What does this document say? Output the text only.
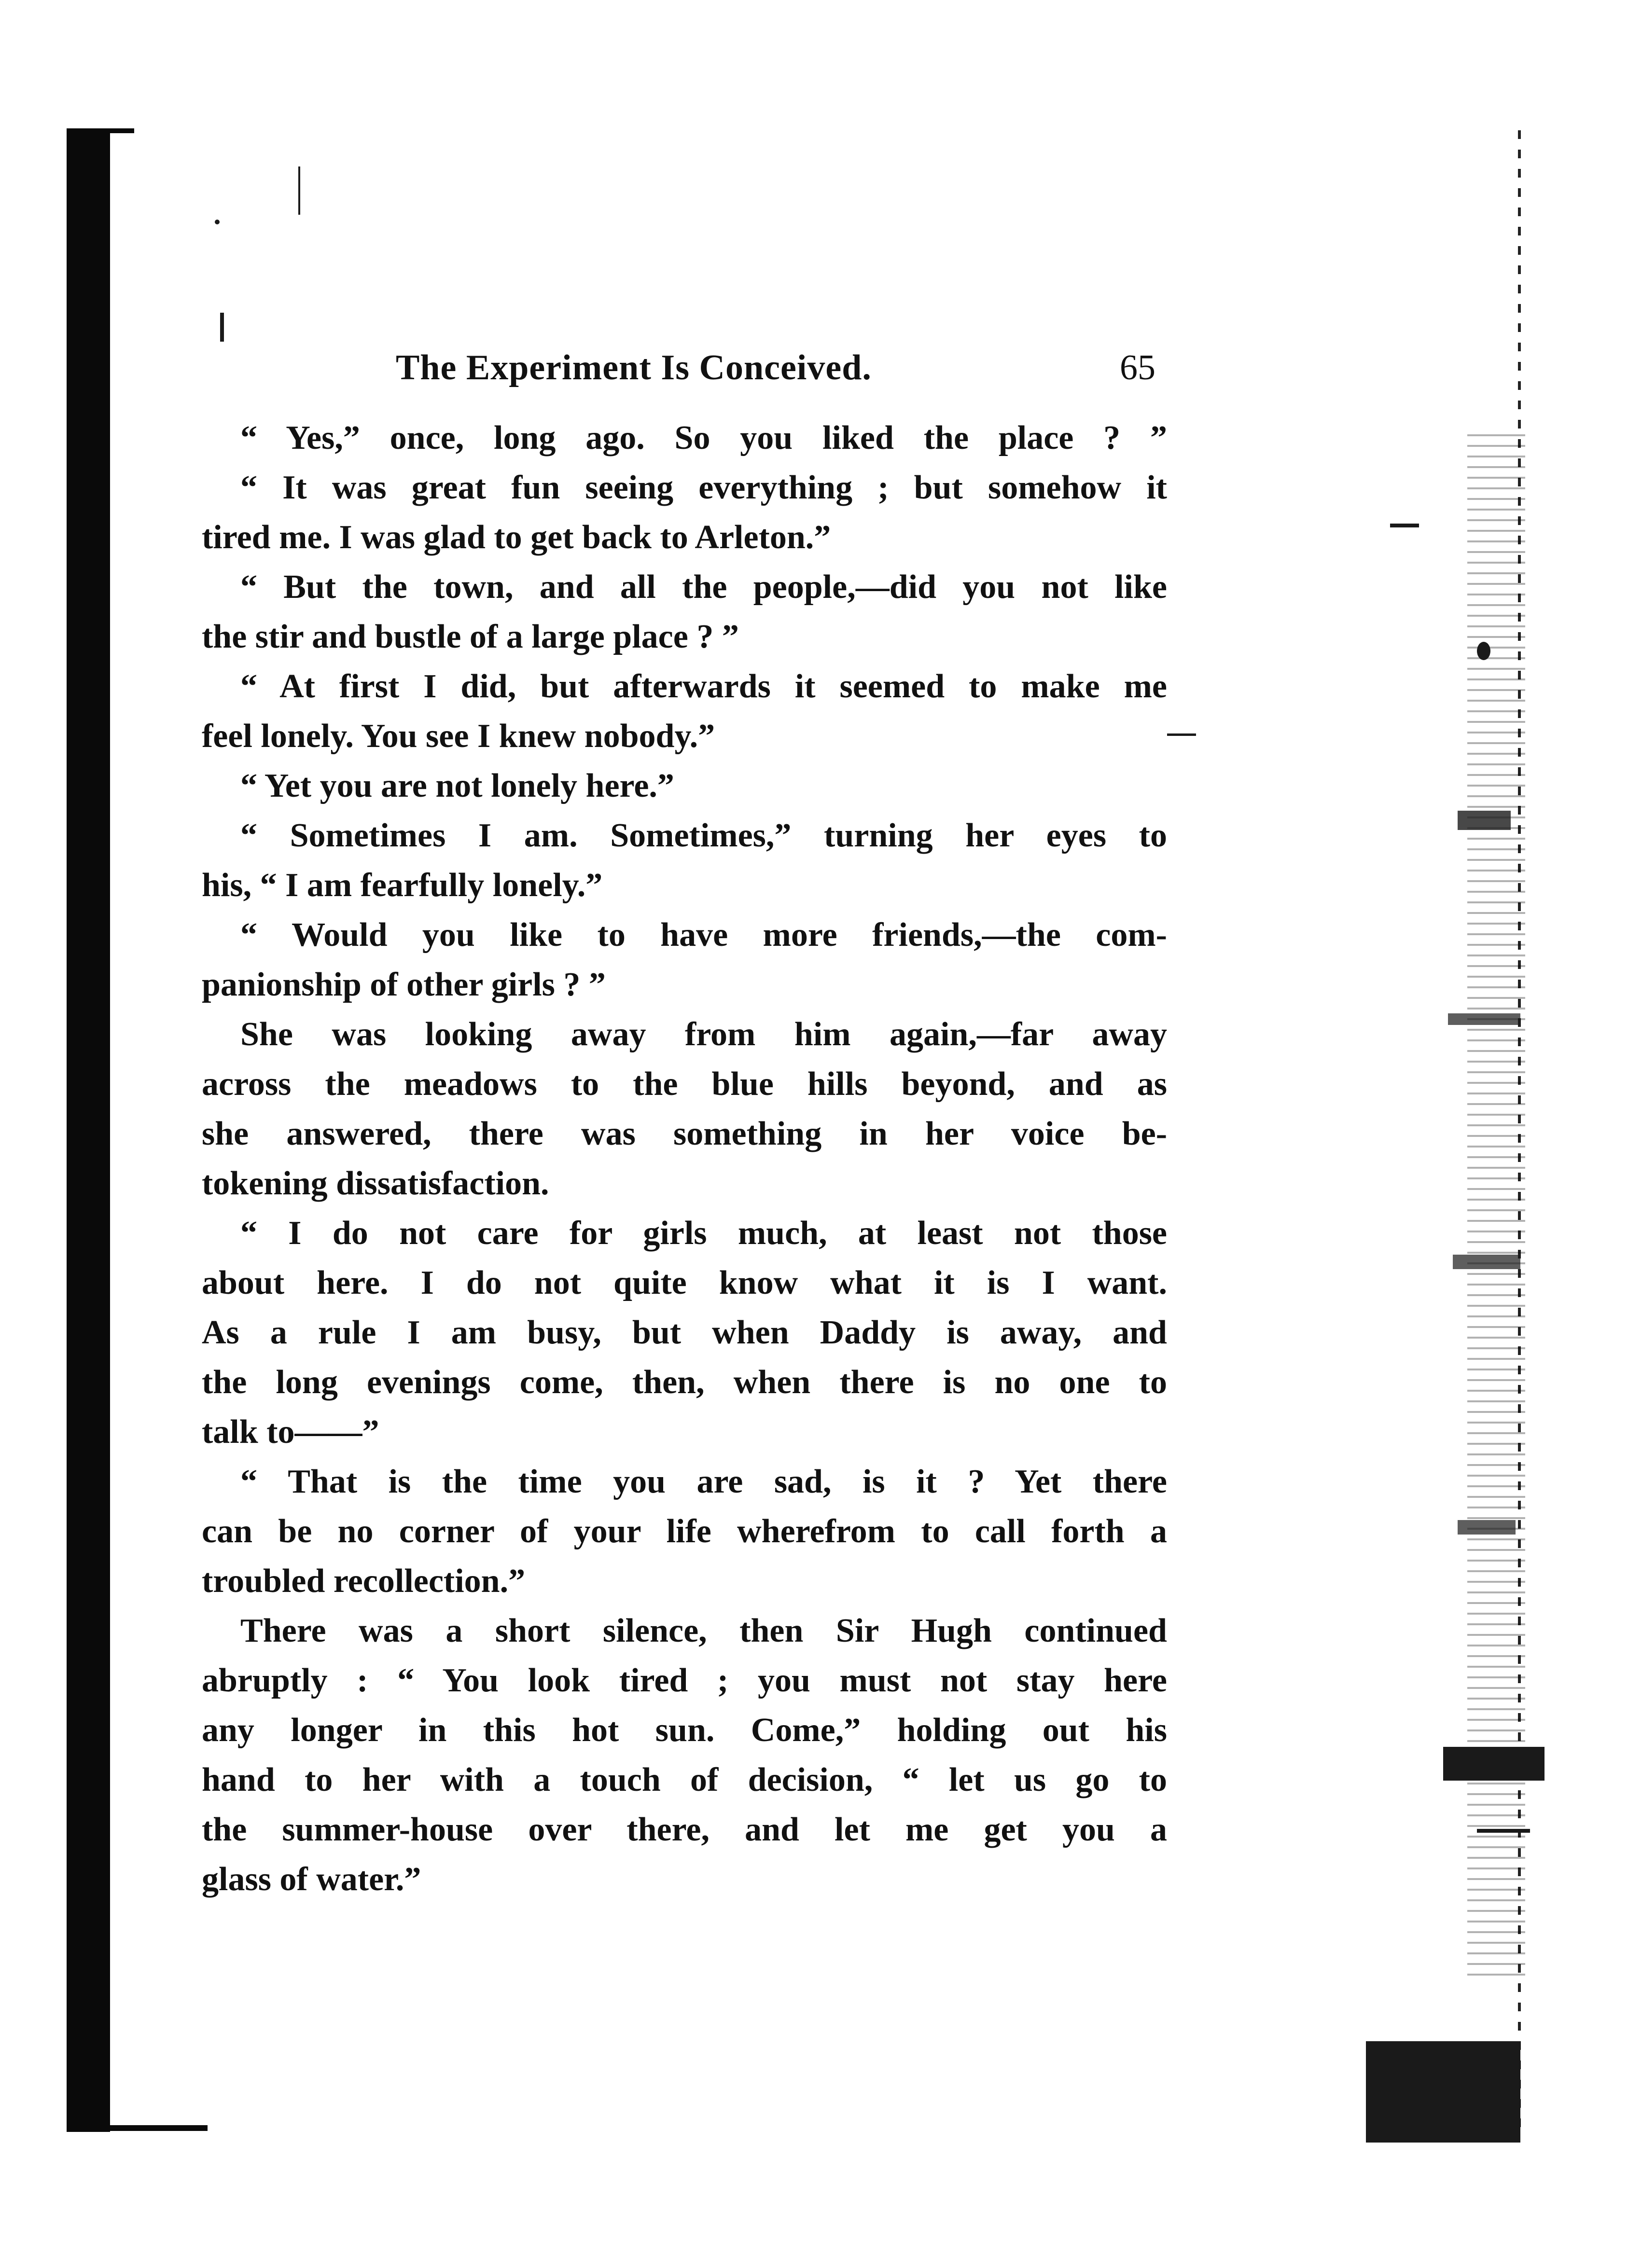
The Experiment Is Conceived.	65
“ Yes,” once, long ago. So you liked the place ? ”
“ It was great fun seeing everything ; but somehow it
tired me. I was glad to get back to Arleton.”
“ But the town, and all the people,—did you not like
the stir and bustle of a large place ? ”
“ At first I did, but afterwards it seemed to make me
feel lonely. You see I knew nobody.”
“ Yet you are not lonely here.”
“ Sometimes I am. Sometimes,” turning her eyes to
his, “ I am fearfully lonely.”
“ Would you like to have more friends,—the com-
panionship of other girls ? ”
She was looking away from him again,—far away
across the meadows to the blue hills beyond, and as
she answered, there was something in her voice be-
tokening dissatisfaction.
“ I do not care for girls much, at least not those
about here. I do not quite know what it is I want.
As a rule I am busy, but when Daddy is away, and
the long evenings come, then, when there is no one to
talk to——”
“ That is the time you are sad, is it ? Yet there
can be no corner of your life wherefrom to call forth a
troubled recollection.”
There was a short silence, then Sir Hugh continued
abruptly : “ You look tired ; you must not stay here
any longer in this hot sun. Come,” holding out his
hand to her with a touch of decision, “ let us go to
the summer-house over there, and let me get you a
glass of water.”
